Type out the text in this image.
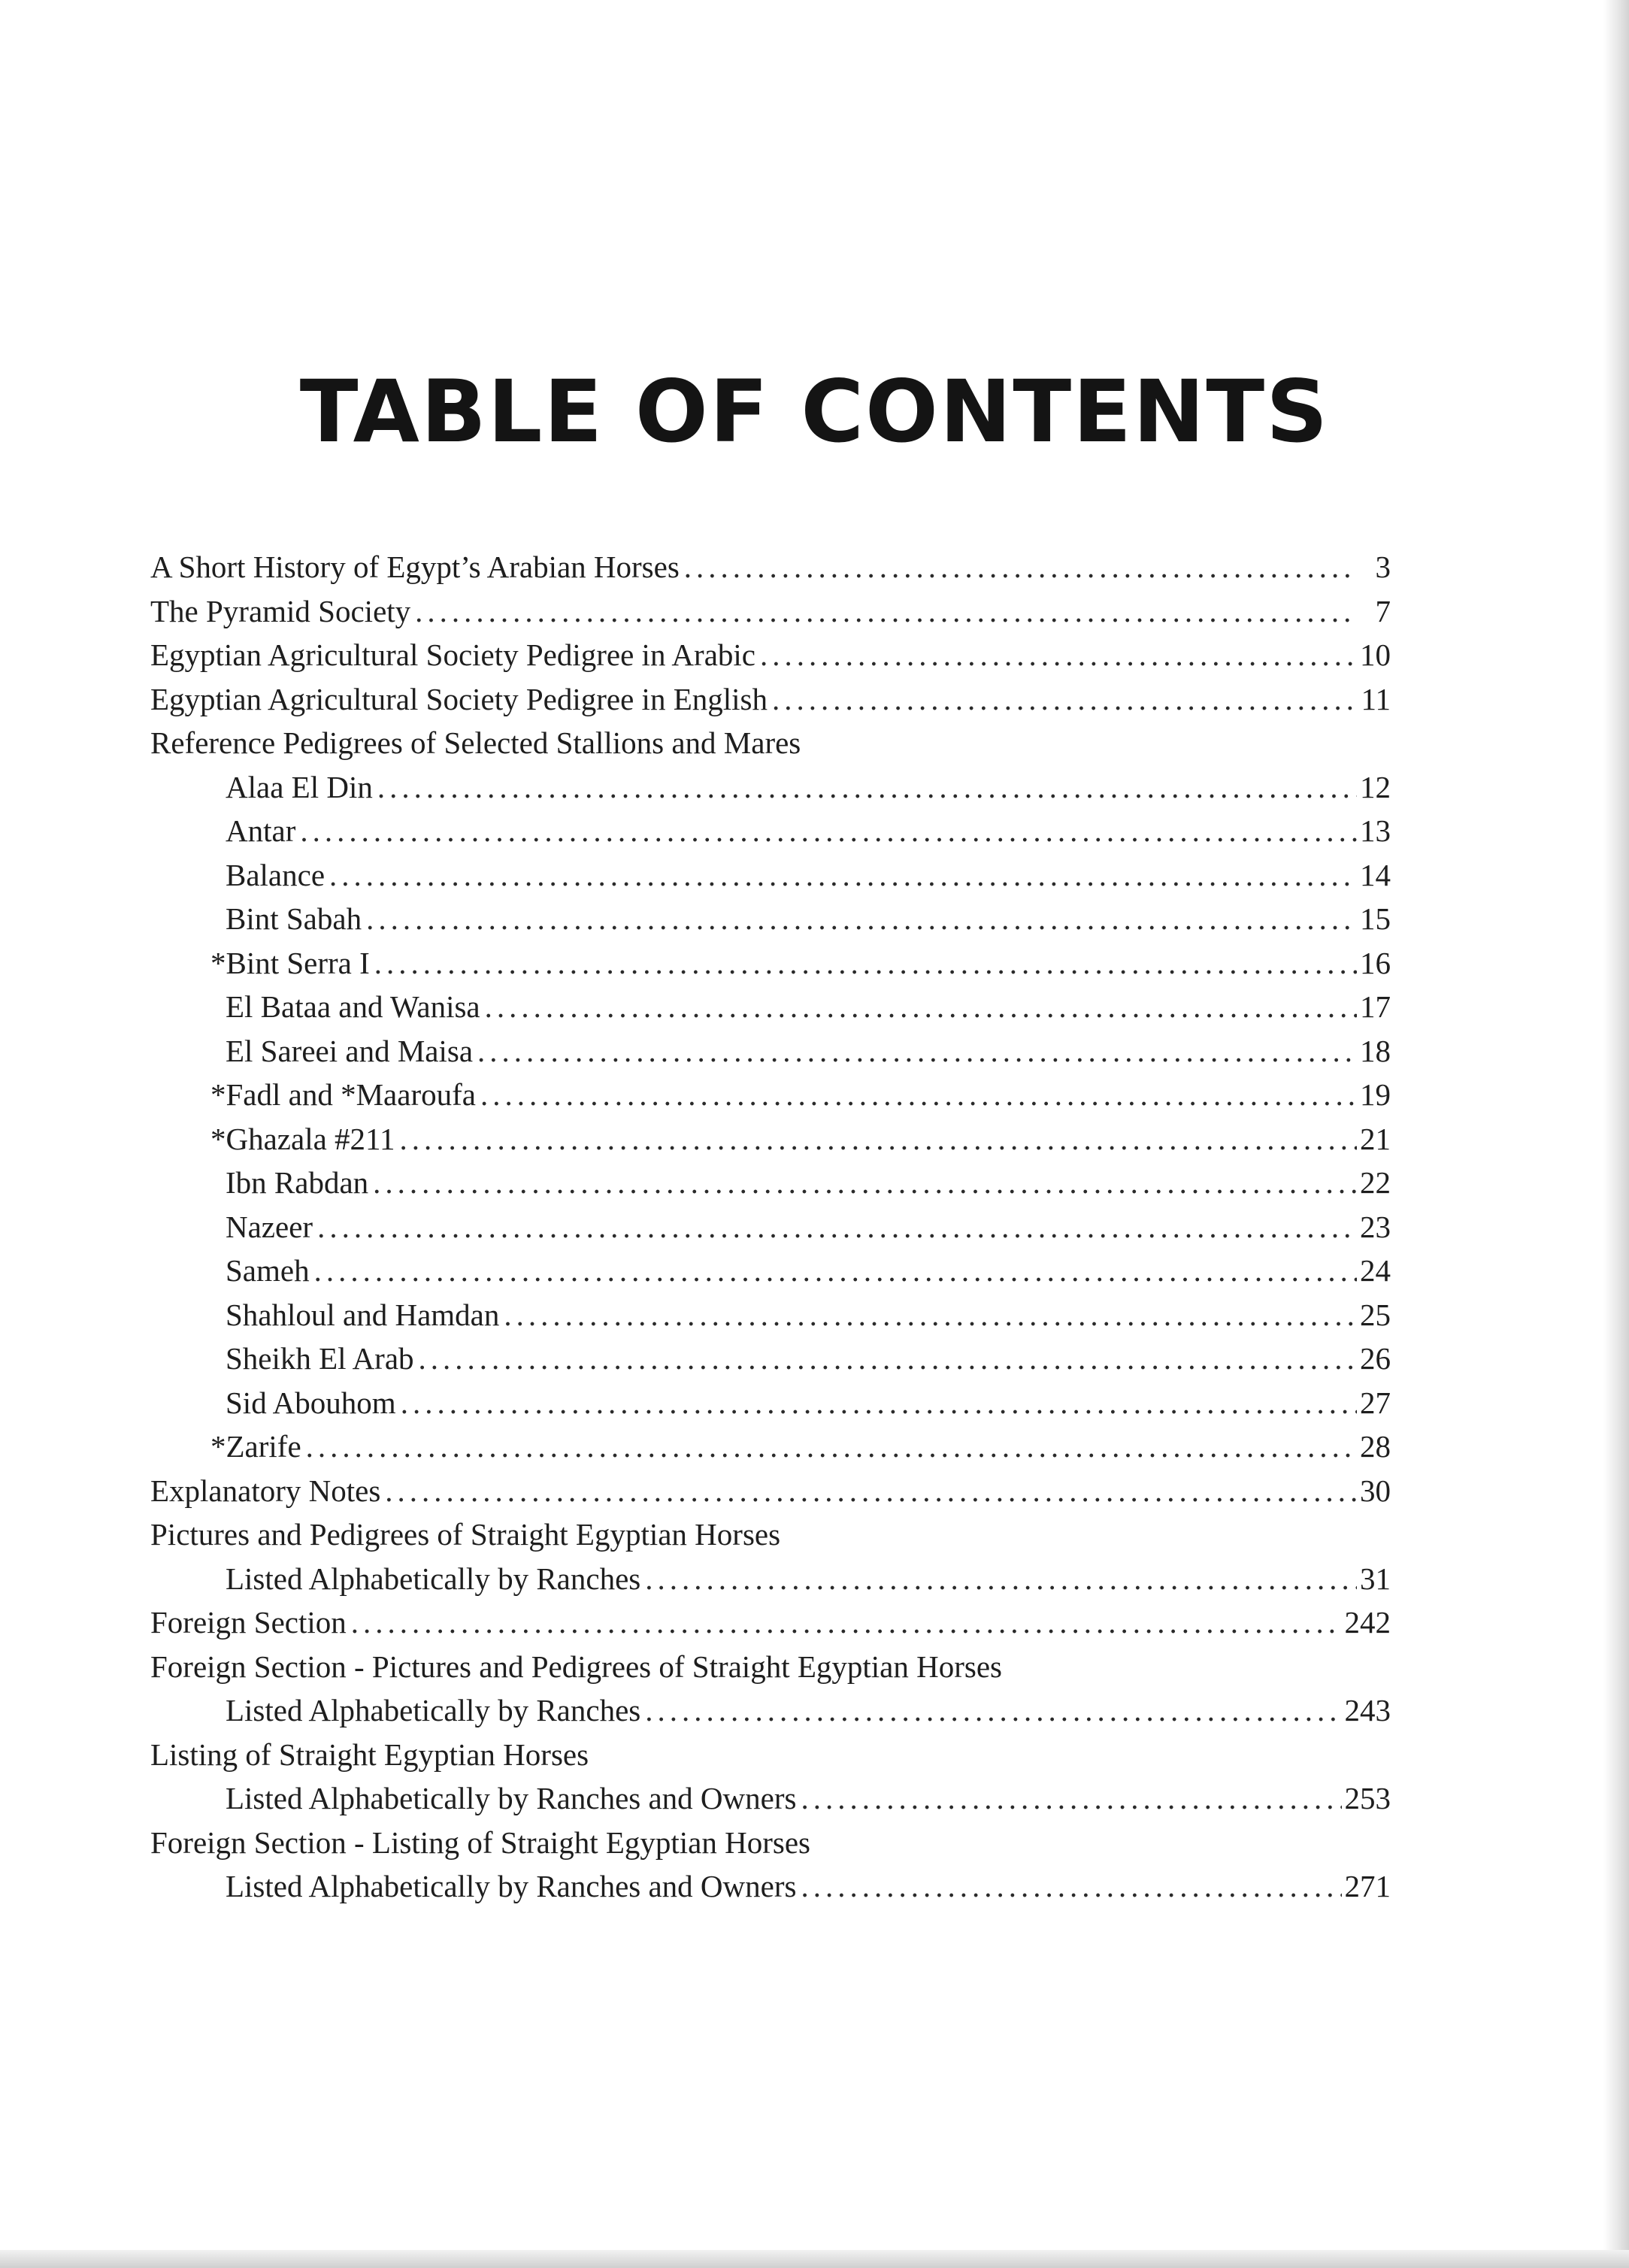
TABLE OF CONTENTS
A Short History of Egypt’s Arabian Horses .....	3
The Pyramid Society .....	7
Egyptian Agricultural Society Pedigree in Arabic .....	10
Egyptian Agricultural Society Pedigree in English .....	11
Reference Pedigrees of Selected Stallions and Mares
Alaa El Din .....	12
Antar .....	13
Balance .....	14
Bint Sabah .....	15
*Bint Serra I .....	16
El Bataa and Wanisa .....	17
El Sareei and Maisa .....	18
*Fadl and *Maaroufa .....	19
*Ghazala #211 .....	21
Ibn Rabdan .....	22
Nazeer .....	23
Sameh .....	24
Shahloul and Hamdan .....	25
Sheikh El Arab .....	26
Sid Abouhom .....	27
*Zarife .....	28
Explanatory Notes .....	30
Pictures and Pedigrees of Straight Egyptian Horses
Listed Alphabetically by Ranches .....	31
Foreign Section .....	242
Foreign Section - Pictures and Pedigrees of Straight Egyptian Horses
Listed Alphabetically by Ranches .....	243
Listing of Straight Egyptian Horses
Listed Alphabetically by Ranches and Owners .....	253
Foreign Section - Listing of Straight Egyptian Horses
Listed Alphabetically by Ranches and Owners .....	271
